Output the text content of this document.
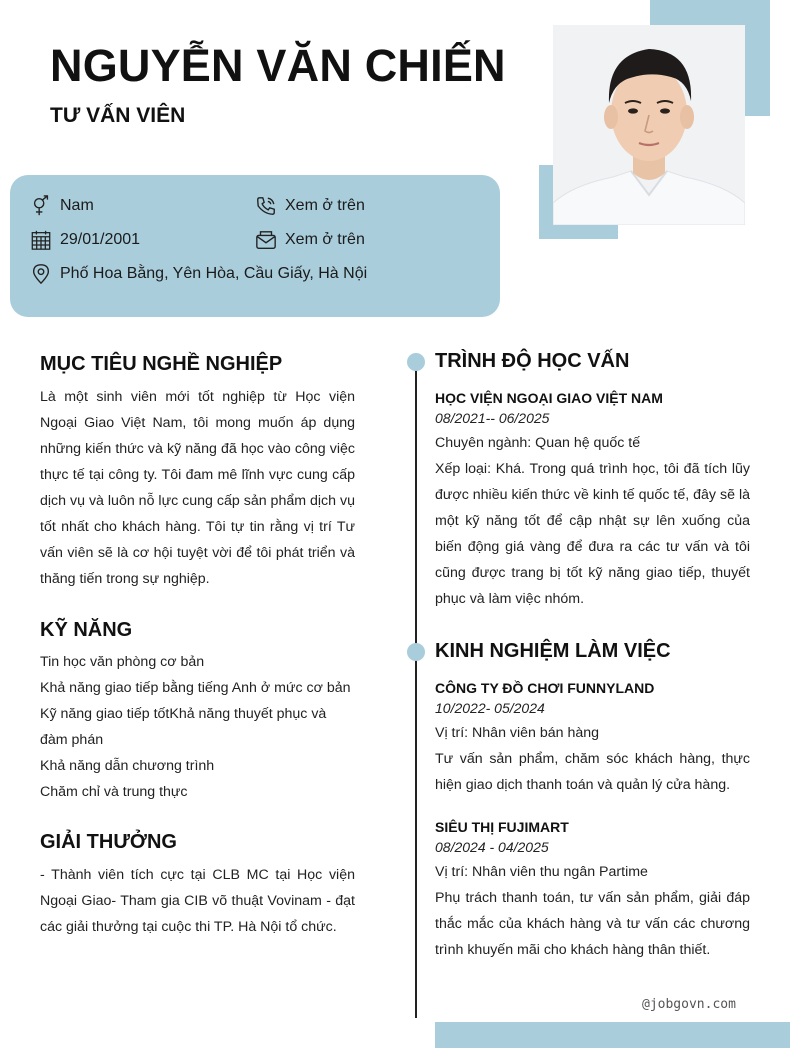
NGUYỄN VĂN CHIẾN
TƯ VẤN VIÊN
Nam	Xem ở trên
29/01/2001	Xem ở trên
Phố Hoa Bằng, Yên Hòa, Cầu Giấy, Hà Nội
MỤC TIÊU NGHỀ NGHIỆP
Là một sinh viên mới tốt nghiệp từ Học viện Ngoại Giao Việt Nam, tôi mong muốn áp dụng những kiến thức và kỹ năng đã học vào công việc thực tế tại công ty. Tôi đam mê lĩnh vực cung cấp dịch vụ và luôn nỗ lực cung cấp sản phẩm dịch vụ tốt nhất cho khách hàng. Tôi tự tin rằng vị trí Tư vấn viên sẽ là cơ hội tuyệt vời để tôi phát triển và thăng tiến trong sự nghiệp.
KỸ NĂNG
Tin học văn phòng cơ bản
Khả năng giao tiếp bằng tiếng Anh ở mức cơ bản
Kỹ năng giao tiếp tốtKhả năng thuyết phục và đàm phán
Khả năng dẫn chương trình
Chăm chỉ và trung thực
GIẢI THƯỞNG
- Thành viên tích cực tại CLB MC tại Học viện Ngoại Giao- Tham gia CIB võ thuật Vovinam - đạt các giải thưởng tại cuộc thi TP. Hà Nội tổ chức.
TRÌNH ĐỘ HỌC VẤN
HỌC VIỆN NGOẠI GIAO VIỆT NAM
08/2021-- 06/2025
Chuyên ngành: Quan hệ quốc tế
Xếp loại: Khá. Trong quá trình học, tôi đã tích lũy được nhiều kiến thức về kinh tế quốc tế, đây sẽ là một kỹ năng tốt để cập nhật sự lên xuống của biến động giá vàng để đưa ra các tư vấn và tôi cũng được trang bị tốt kỹ năng giao tiếp, thuyết phục và làm việc nhóm.
KINH NGHIỆM LÀM VIỆC
CÔNG TY ĐỒ CHƠI FUNNYLAND
10/2022- 05/2024
Vị trí: Nhân viên bán hàng
Tư vấn sản phẩm, chăm sóc khách hàng, thực hiện giao dịch thanh toán và quản lý cửa hàng.
SIÊU THỊ FUJIMART
08/2024 - 04/2025
Vị trí: Nhân viên thu ngân Partime
Phụ trách thanh toán, tư vấn sản phẩm, giải đáp thắc mắc của khách hàng và tư vấn các chương trình khuyến mãi cho khách hàng thân thiết.
@jobgovn.com
